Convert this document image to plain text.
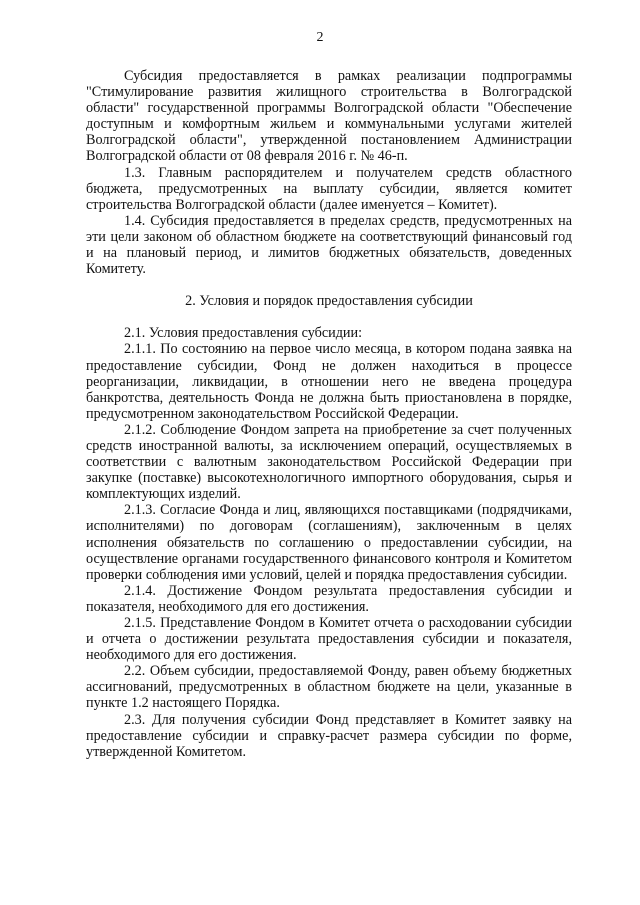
2

Субсидия предоставляется в рамках реализации подпрограммы "Стимулирование развития жилищного строительства в Волгоградской области" государственной программы Волгоградской области "Обеспечение доступным и комфортным жильем и коммунальными услугами жителей Волгоградской области", утвержденной постановлением Администрации Волгоградской области от 08 февраля 2016 г. № 46-п.

1.3. Главным распорядителем и получателем средств областного бюджета, предусмотренных на выплату субсидии, является комитет строительства Волгоградской области (далее именуется – Комитет).

1.4. Субсидия предоставляется в пределах средств, предусмотренных на эти цели законом об областном бюджете на соответствующий финансовый год и на плановый период, и лимитов бюджетных обязательств, доведенных Комитету.

2. Условия и порядок предоставления субсидии

2.1. Условия предоставления субсидии:

2.1.1. По состоянию на первое число месяца, в котором подана заявка на предоставление субсидии, Фонд не должен находиться в процессе реорганизации, ликвидации, в отношении него не введена процедура банкротства, деятельность Фонда не должна быть приостановлена в порядке, предусмотренном законодательством Российской Федерации.

2.1.2. Соблюдение Фондом запрета на приобретение за счет полученных средств иностранной валюты, за исключением операций, осуществляемых в соответствии с валютным законодательством Российской Федерации при закупке (поставке) высокотехнологичного импортного оборудования, сырья и комплектующих изделий.

2.1.3. Согласие Фонда и лиц, являющихся поставщиками (подрядчиками, исполнителями) по договорам (соглашениям), заключенным в целях исполнения обязательств по соглашению о предоставлении субсидии, на осуществление органами государственного финансового контроля и Комитетом проверки соблюдения ими условий, целей и порядка предоставления субсидии.

2.1.4. Достижение Фондом результата предоставления субсидии и показателя, необходимого для его достижения.

2.1.5. Представление Фондом в Комитет отчета о расходовании субсидии и отчета о достижении результата предоставления субсидии и показателя, необходимого для его достижения.

2.2. Объем субсидии, предоставляемой Фонду, равен объему бюджетных ассигнований, предусмотренных в областном бюджете на цели, указанные в пункте 1.2 настоящего Порядка.

2.3. Для получения субсидии Фонд представляет в Комитет заявку на предоставление субсидии и справку-расчет размера субсидии по форме, утвержденной Комитетом.
